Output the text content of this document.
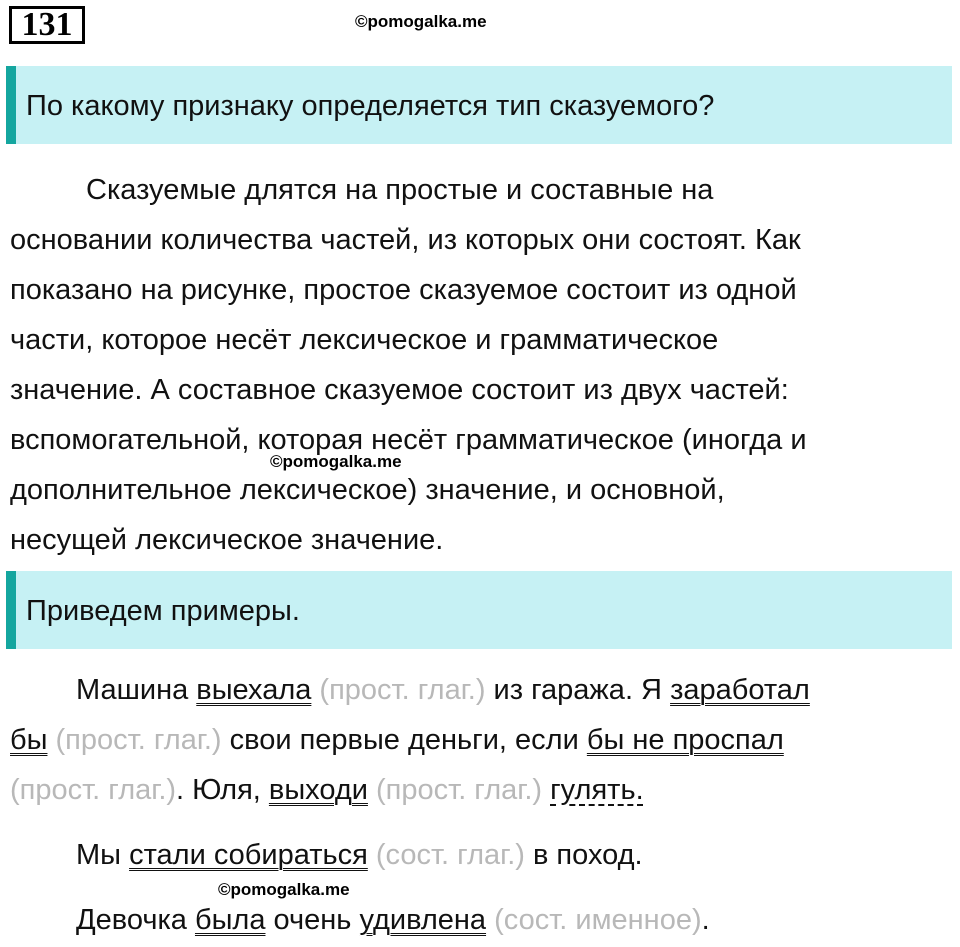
131	©pomogalka.me
По какому признаку определяется тип сказуемого?
Сказуемые длятся на простые и составные на
основании количества частей, из которых они состоят. Как
показано на рисунке, простое сказуемое состоит из одной
части, которое несёт лексическое и грамматическое
значение. А составное сказуемое состоит из двух частей:
вспомогательной, которая несёт грамматическое (иногда и
дополнительное лексическое) значение, и основной,
несущей лексическое значение.
©pomogalka.me
Приведем примеры.
Машина выехала (прост. глаг.) из гаража. Я заработал
бы (прост. глаг.) свои первые деньги, если бы не проспал
(прост. глаг.). Юля, выходи (прост. глаг.) гулять.
Мы стали собираться (сост. глаг.) в поход.
©pomogalka.me
Девочка была очень удивлена (сост. именное).
